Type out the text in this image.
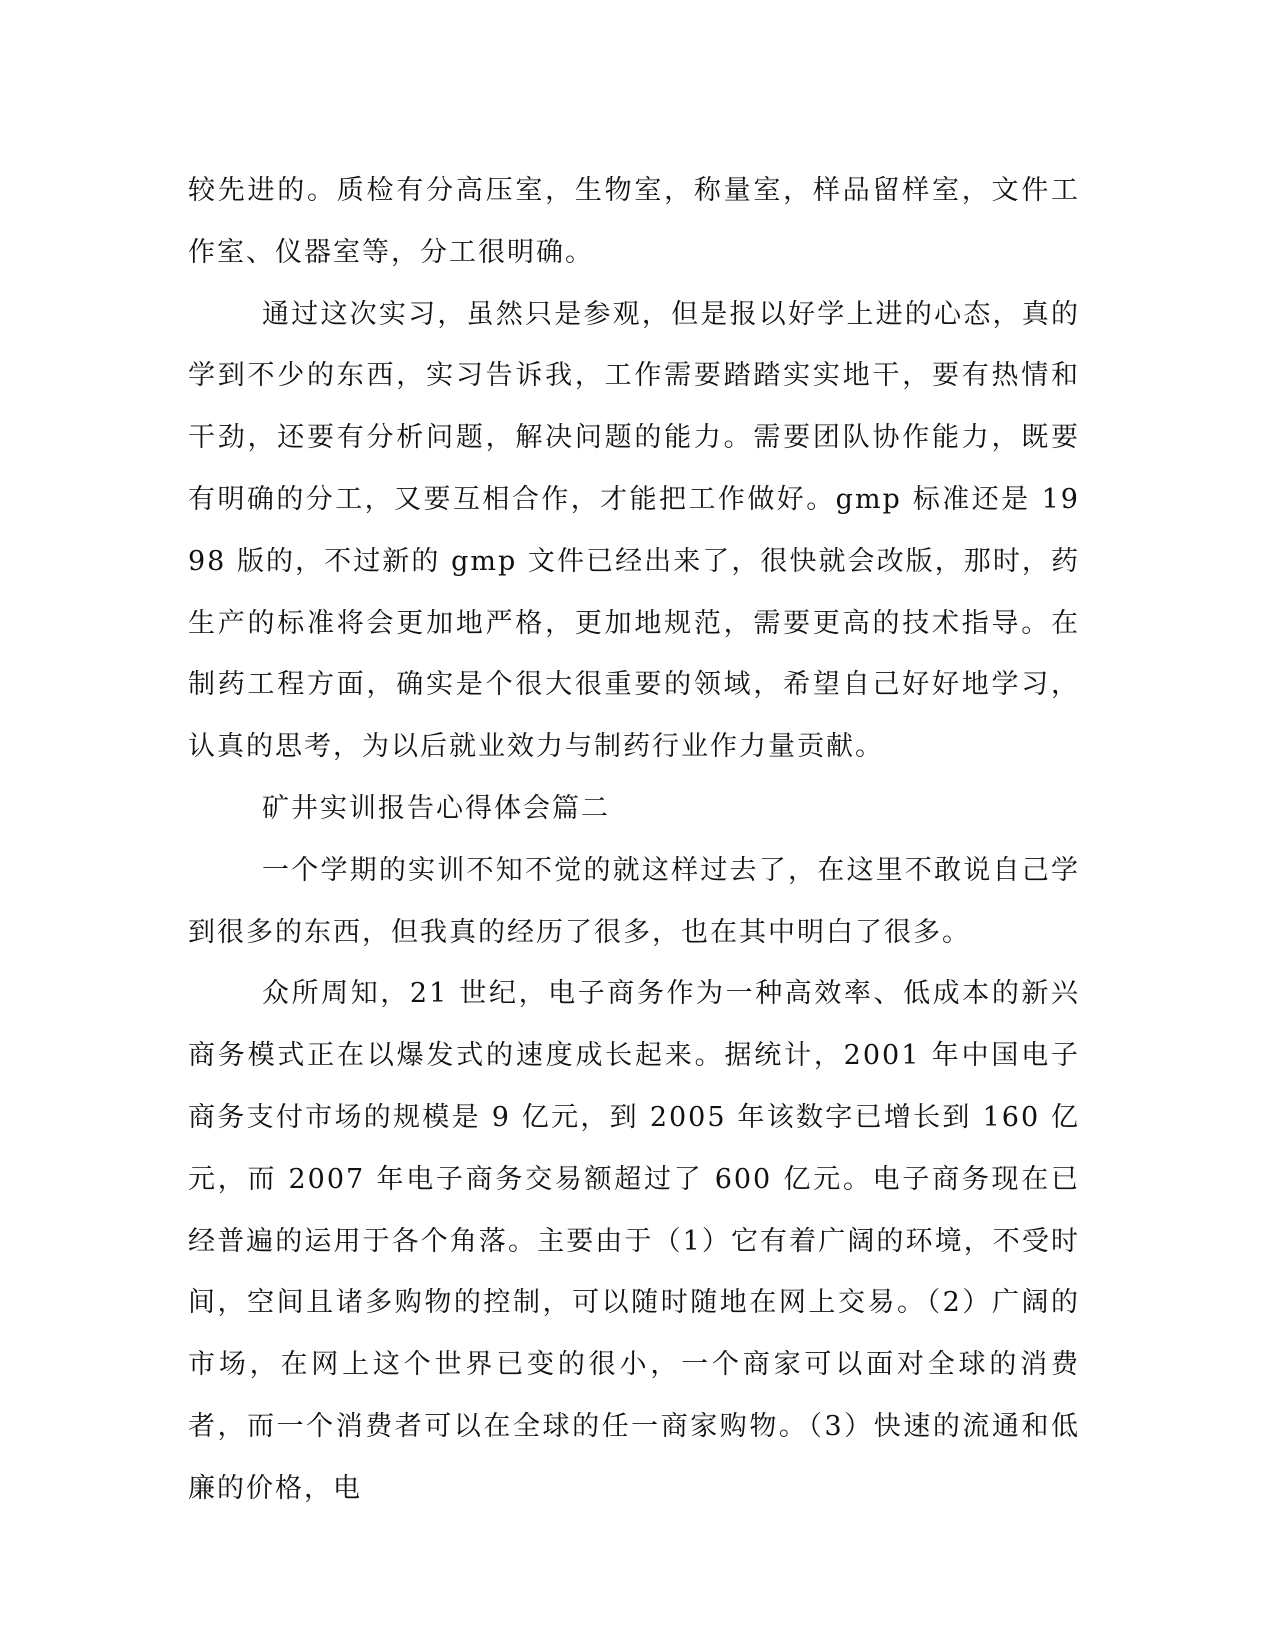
较先进的。质检有分高压室，生物室，称量室，样品留样室，文件工作室、仪器室等，分工很明确。

通过这次实习，虽然只是参观，但是报以好学上进的心态，真的学到不少的东西，实习告诉我，工作需要踏踏实实地干，要有热情和干劲，还要有分析问题，解决问题的能力。需要团队协作能力，既要有明确的分工，又要互相合作，才能把工作做好。gmp 标准还是 1998 版的，不过新的 gmp 文件已经出来了，很快就会改版，那时，药生产的标准将会更加地严格，更加地规范，需要更高的技术指导。在制药工程方面，确实是个很大很重要的领域，希望自己好好地学习，认真的思考，为以后就业效力与制药行业作力量贡献。

矿井实训报告心得体会篇二

一个学期的实训不知不觉的就这样过去了，在这里不敢说自己学到很多的东西，但我真的经历了很多，也在其中明白了很多。

众所周知，21 世纪，电子商务作为一种高效率、低成本的新兴商务模式正在以爆发式的速度成长起来。据统计，2001 年中国电子商务支付市场的规模是 9 亿元，到 2005 年该数字已增长到 160 亿元，而 2007 年电子商务交易额超过了 600 亿元。电子商务现在已经普遍的运用于各个角落。主要由于（1）它有着广阔的环境，不受时间，空间且诸多购物的控制，可以随时随地在网上交易。（2）广阔的市场，在网上这个世界已变的很小，一个商家可以面对全球的消费者，而一个消费者可以在全球的任一商家购物。（3）快速的流通和低廉的价格，电
